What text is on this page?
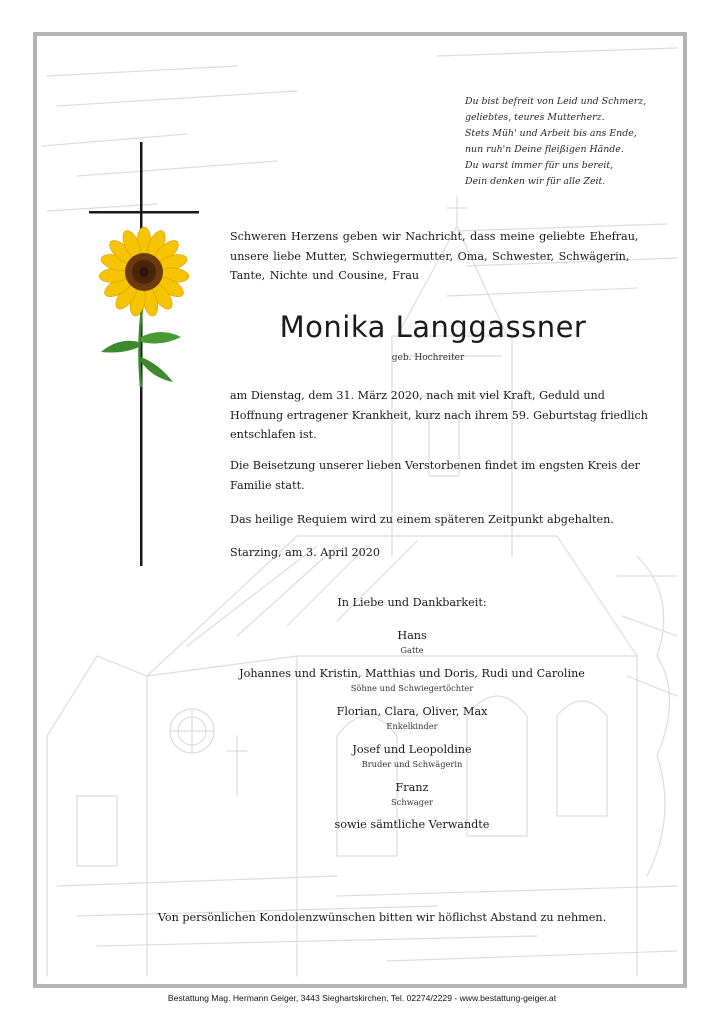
Du bist befreit von Leid und Schmerz,
geliebtes, teures Mutterherz.
Stets Müh' und Arbeit bis ans Ende,
nun ruh'n Deine fleißigen Hände.
Du warst immer für uns bereit,
Dein denken wir für alle Zeit.
Schweren Herzens geben wir Nachricht, dass meine geliebte Ehefrau, unsere liebe Mutter, Schwiegermutter, Oma, Schwester, Schwägerin, Tante, Nichte und Cousine, Frau
Monika Langgassner
geb. Hochreiter
am Dienstag, dem 31. März 2020, nach mit viel Kraft, Geduld und Hoffnung ertragener Krankheit, kurz nach ihrem 59. Geburtstag friedlich entschlafen ist.
Die Beisetzung unserer lieben Verstorbenen findet im engsten Kreis der Familie statt.
Das heilige Requiem wird zu einem späteren Zeitpunkt abgehalten.
Starzing, am 3. April 2020
In Liebe und Dankbarkeit:
Hans
Gatte
Johannes und Kristin, Matthias und Doris, Rudi und Caroline
Söhne und Schwiegertöchter
Florian, Clara, Oliver, Max
Enkelkinder
Josef und Leopoldine
Bruder und Schwägerin
Franz
Schwager
sowie sämtliche Verwandte
Von persönlichen Kondolenzwünschen bitten wir höflichst Abstand zu nehmen.
Bestattung Mag. Hermann Geiger, 3443 Sieghartskirchen, Tel. 02274/2229 - www.bestattung-geiger.at
